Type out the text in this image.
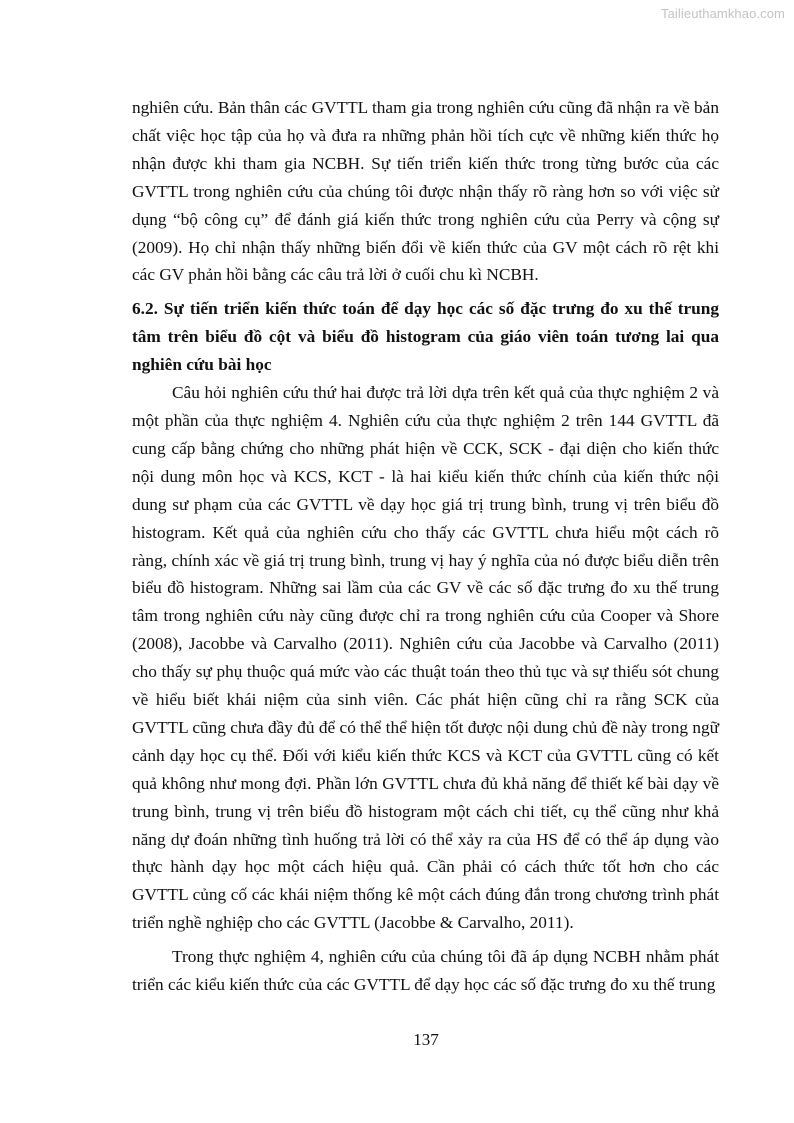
Tailieuthamkhao.com

nghiên cứu. Bản thân các GVTTL tham gia trong nghiên cứu cũng đã nhận ra về bản chất việc học tập của họ và đưa ra những phản hồi tích cực về những kiến thức họ nhận được khi tham gia NCBH. Sự tiến triển kiến thức trong từng bước của các GVTTL trong nghiên cứu của chúng tôi được nhận thấy rõ ràng hơn so với việc sử dụng “bộ công cụ” để đánh giá kiến thức trong nghiên cứu của Perry và cộng sự (2009). Họ chỉ nhận thấy những biến đổi về kiến thức của GV một cách rõ rệt khi các GV phản hồi bằng các câu trả lời ở cuối chu kì NCBH.

6.2. Sự tiến triển kiến thức toán để dạy học các số đặc trưng đo xu thế trung tâm trên biểu đồ cột và biểu đồ histogram của giáo viên toán tương lai qua nghiên cứu bài học

Câu hỏi nghiên cứu thứ hai được trả lời dựa trên kết quả của thực nghiệm 2 và một phần của thực nghiệm 4. Nghiên cứu của thực nghiệm 2 trên 144 GVTTL đã cung cấp bằng chứng cho những phát hiện về CCK, SCK - đại diện cho kiến thức nội dung môn học và KCS, KCT - là hai kiểu kiến thức chính của kiến thức nội dung sư phạm của các GVTTL về dạy học giá trị trung bình, trung vị trên biểu đồ histogram. Kết quả của nghiên cứu cho thấy các GVTTL chưa hiểu một cách rõ ràng, chính xác về giá trị trung bình, trung vị hay ý nghĩa của nó được biểu diễn trên biểu đồ histogram. Những sai lầm của các GV về các số đặc trưng đo xu thế trung tâm trong nghiên cứu này cũng được chỉ ra trong nghiên cứu của Cooper và Shore (2008), Jacobbe và Carvalho (2011). Nghiên cứu của Jacobbe và Carvalho (2011) cho thấy sự phụ thuộc quá mức vào các thuật toán theo thủ tục và sự thiếu sót chung về hiểu biết khái niệm của sinh viên. Các phát hiện cũng chỉ ra rằng SCK của GVTTL cũng chưa đầy đủ để có thể thể hiện tốt được nội dung chủ đề này trong ngữ cảnh dạy học cụ thể. Đối với kiểu kiến thức KCS và KCT của GVTTL cũng có kết quả không như mong đợi. Phần lớn GVTTL chưa đủ khả năng để thiết kế bài dạy về trung bình, trung vị trên biểu đồ histogram một cách chi tiết, cụ thể cũng như khả năng dự đoán những tình huống trả lời có thể xảy ra của HS để có thể áp dụng vào thực hành dạy học một cách hiệu quả. Cần phải có cách thức tốt hơn cho các GVTTL củng cố các khái niệm thống kê một cách đúng đắn trong chương trình phát triển nghề nghiệp cho các GVTTL (Jacobbe & Carvalho, 2011).

Trong thực nghiệm 4, nghiên cứu của chúng tôi đã áp dụng NCBH nhằm phát triển các kiểu kiến thức của các GVTTL để dạy học các số đặc trưng đo xu thế trung

137
